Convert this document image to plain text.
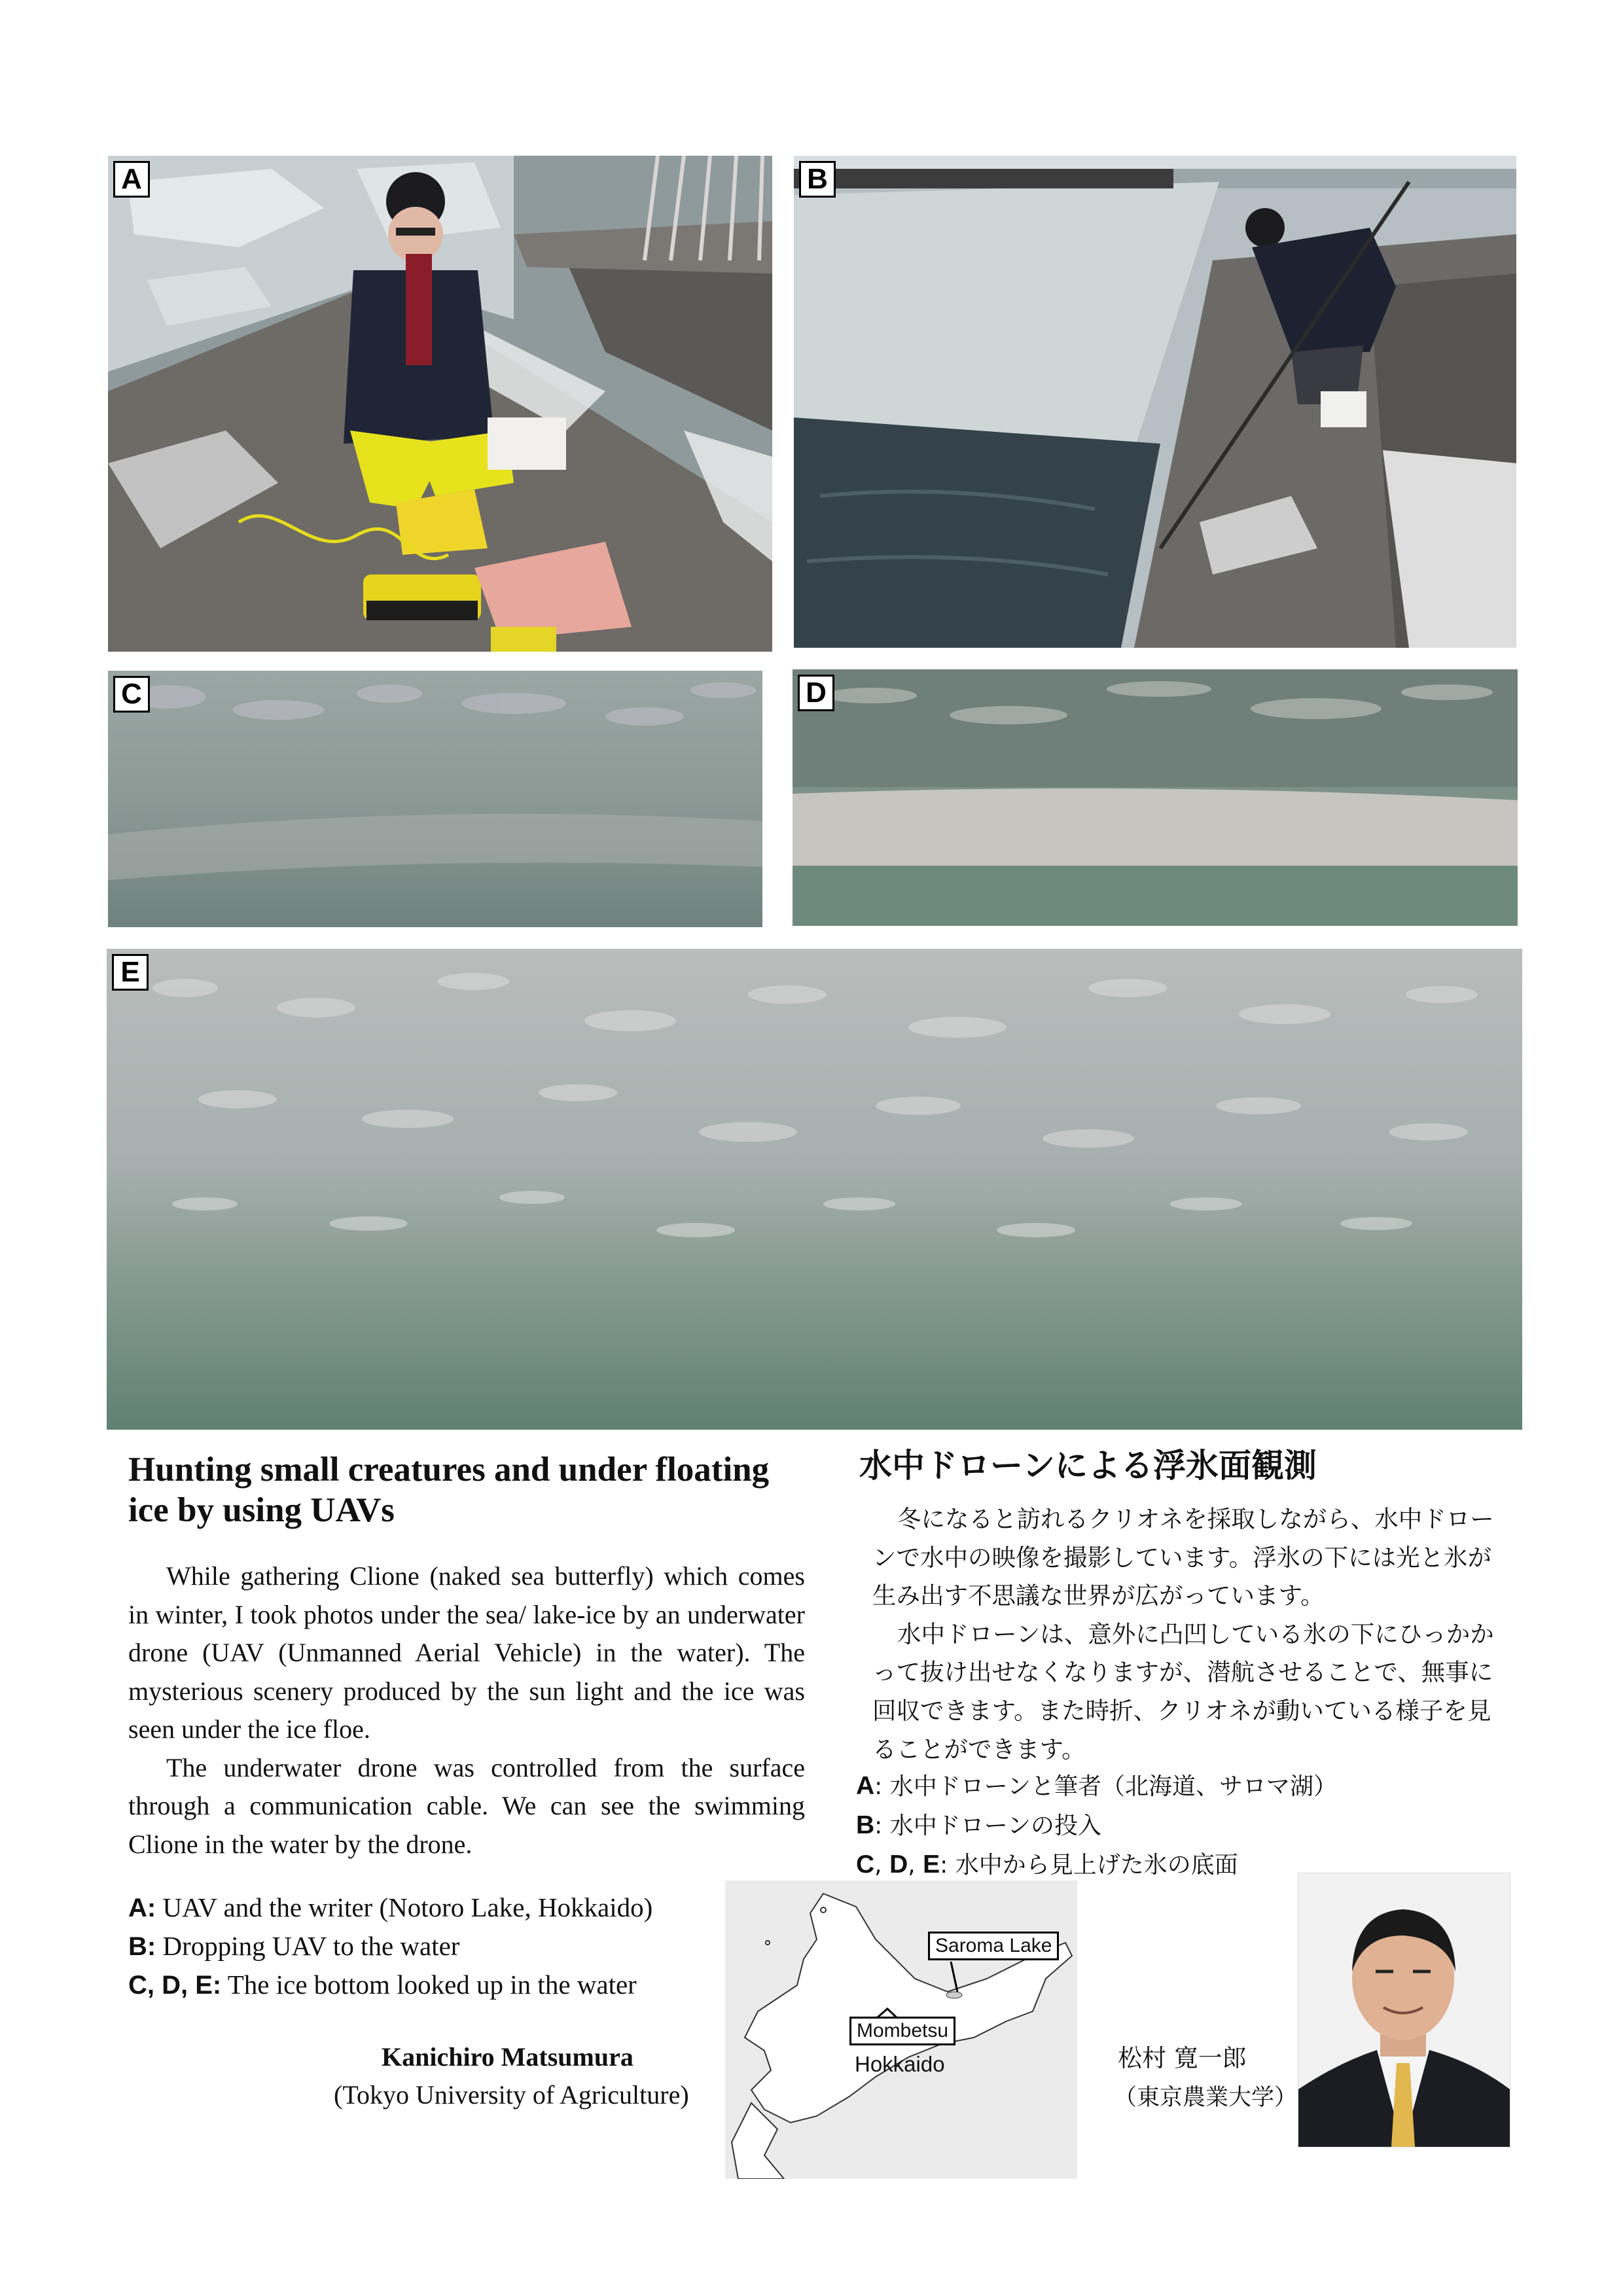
A	B
C	D
E
Hunting small creatures and under floating
ice by using UAVs

While gathering Clione (naked sea butterfly) which comes in winter, I took photos under the sea/ lake-ice by an underwater drone (UAV (Unmanned Aerial Vehicle) in the water). The mysterious scenery produced by the sun light and the ice was seen under the ice floe.

The underwater drone was controlled from the surface through a communication cable. We can see the swimming Clione in the water by the drone.

A: UAV and the writer (Notoro Lake, Hokkaido)
B: Dropping UAV to the water
C, D, E: The ice bottom looked up in the water
Kanichiro Matsumura
(Tokyo University of Agriculture)
水中ドローンによる浮氷面観測

冬になると訪れるクリオネを採取しながら、水中ドローンで水中の映像を撮影しています。浮氷の下には光と氷が生み出す不思議な世界が広がっています。

水中ドローンは、意外に凸凹している氷の下にひっかかって抜け出せなくなりますが、潜航させることで、無事に回収できます。また時折、クリオネが動いている様子を見ることができます。

A: 水中ドローンと筆者（北海道、サロマ湖）
B: 水中ドローンの投入
C, D, E: 水中から見上げた氷の底面
松村 寛一郎
（東京農業大学）
Saroma Lake
Mombetsu
Hokkaido
